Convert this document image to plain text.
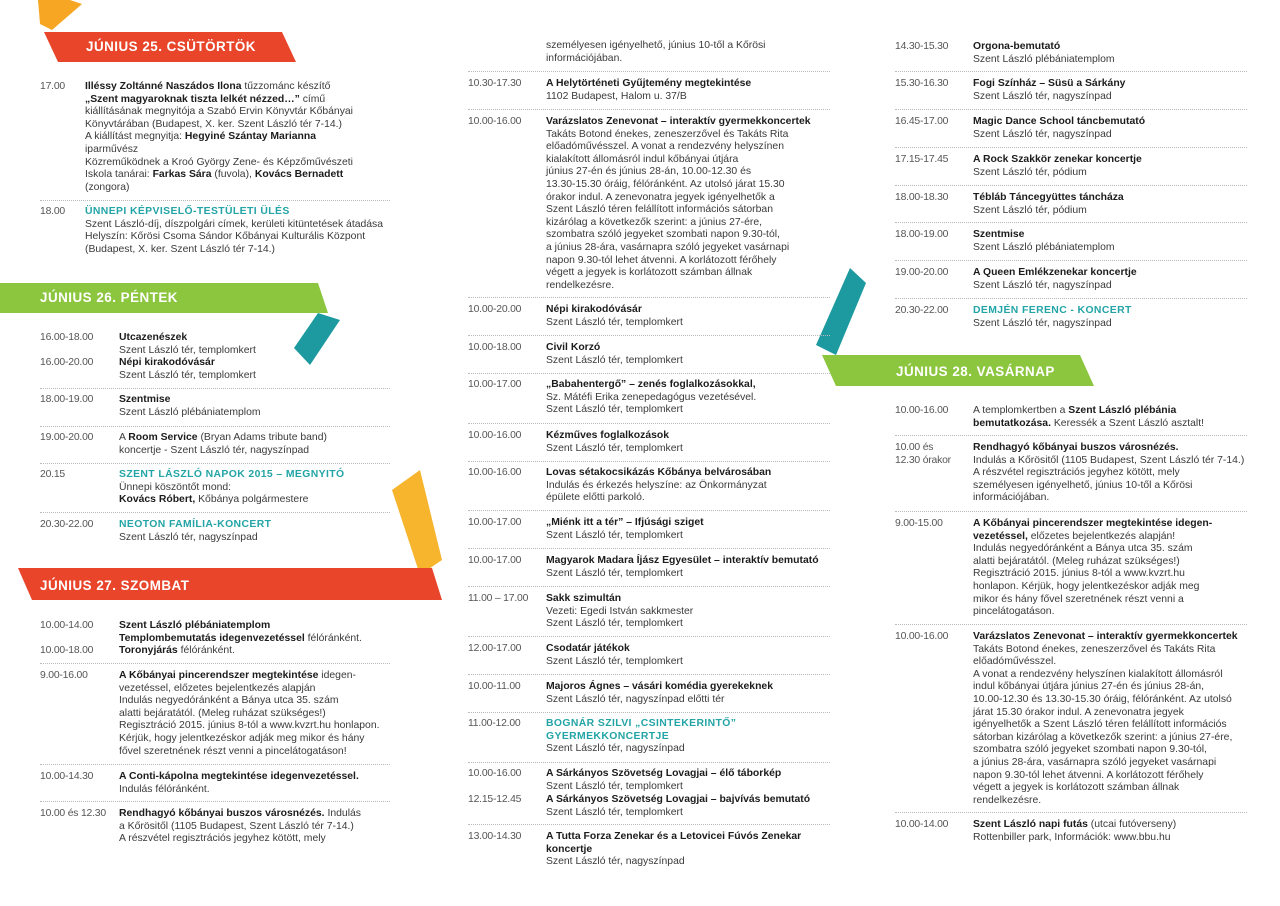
JÚNIUS 25. CSÜTÖRTÖK
JÚNIUS 26. PÉNTEK
JÚNIUS 27. SZOMBAT
JÚNIUS 28. VASÁRNAP
17.00 Illéssy Zoltánné Naszádos Ilona tűzzománc készítő
„Szent magyaroknak tiszta lelkét nézzed…” című
kiállításának megnyitója a Szabó Ervin Könyvtár Kőbányai
Könyvtárában (Budapest, X. ker. Szent László tér 7-14.)
A kiállítást megnyitja: Hegyiné Szántay Marianna
iparművész
Közreműködnek a Kroó György Zene- és Képzőművészeti
Iskola tanárai: Farkas Sára (fuvola), Kovács Bernadett
(zongora)
18.00 ÜNNEPI KÉPVISELŐ-TESTÜLETI ÜLÉS
Szent László-díj, díszpolgári címek, kerületi kitüntetések átadása
Helyszín: Kőrösi Csoma Sándor Kőbányai Kulturális Központ
(Budapest, X. ker. Szent László tér 7-14.)
16.00-18.00 Utcazenészek
Szent László tér, templomkert
16.00-20.00 Népi kirakodóvásár
Szent László tér, templomkert
18.00-19.00 Szentmise
Szent László plébániatemplom
19.00-20.00 A Room Service (Bryan Adams tribute band)
koncertje - Szent László tér, nagyszínpad
20.15	SZENT LÁSZLÓ NAPOK 2015 – MEGNYITÓ
Ünnepi köszöntőt mond:
Kovács Róbert, Kőbánya polgármestere
20.30-22.00 NEOTON FAMÍLIA-KONCERT
Szent László tér, nagyszínpad
10.00-14.00 Szent László plébániatemplom
Templombemutatás idegenvezetéssel félóránként.
10.00-18.00 Toronyjárás félóránként.
9.00-16.00	A Kőbányai pincerendszer megtekintése idegen-
vezetéssel, előzetes bejelentkezés alapján
Indulás negyedóránként a Bánya utca 35. szám
alatti bejáratától. (Meleg ruházat szükséges!)
Regisztráció 2015. június 8-tól a www.kvzrt.hu honlapon.
Kérjük, hogy jelentkezéskor adják meg mikor és hány
fővel szeretnének részt venni a pincelátogatáson!
10.00-14.30 A Conti-kápolna megtekintése idegenvezetéssel.
Indulás félóránként.
10.00 és 12.30 Rendhagyó kőbányai buszos városnézés. Indulás
a Kőrösitől (1105 Budapest, Szent László tér 7-14.)
A részvétel regisztrációs jegyhez kötött, mely
személyesen igényelhető, június 10-től a Kőrösi
információjában.
10.30-17.30 A Helytörténeti Gyűjtemény megtekintése
1102 Budapest, Halom u. 37/B
10.00-16.00 Varázslatos Zenevonat – interaktív gyermekkoncertek
Takáts Botond énekes, zeneszerzővel és Takáts Rita
előadóművésszel. A vonat a rendezvény helyszínen
kialakított állomásról indul kőbányai útjára
június 27-én és június 28-án, 10.00-12.30 és
13.30-15.30 óráig, félóránként. Az utolsó járat 15.30
órakor indul. A zenevonatra jegyek igényelhetők a
Szent László téren felállított információs sátorban
kizárólag a következők szerint: a június 27-ére,
szombatra szóló jegyeket szombati napon 9.30-tól,
a június 28-ára, vasárnapra szóló jegyeket vasárnapi
napon 9.30-tól lehet átvenni. A korlátozott férőhely
végett a jegyek is korlátozott számban állnak
rendelkezésre.
10.00-20.00 Népi kirakodóvásár
Szent László tér, templomkert
10.00-18.00 Civil Korzó
Szent László tér, templomkert
10.00-17.00 „Babahentergő” – zenés foglalkozásokkal,
Sz. Mátéfi Erika zenepedagógus vezetésével.
Szent László tér, templomkert
10.00-16.00 Kézműves foglalkozások
Szent László tér, templomkert
10.00-16.00 Lovas sétakocsikázás Kőbánya belvárosában
Indulás és érkezés helyszíne: az Önkormányzat
épülete előtti parkoló.
10.00-17.00 „Miénk itt a tér” – Ifjúsági sziget
Szent László tér, templomkert
10.00-17.00 Magyarok Madara Íjász Egyesület – interaktív bemutató
Szent László tér, templomkert
11.00 – 17.00 Sakk szimultán
Vezeti: Egedi István sakkmester
Szent László tér, templomkert
12.00-17.00 Csodatár játékok
Szent László tér, templomkert
10.00-11.00 Majoros Ágnes – vásári komédia gyerekeknek
Szent László tér, nagyszínpad előtti tér
11.00-12.00 BOGNÁR SZILVI „CSINTEKERINTŐ”
GYERMEKKONCERTJE
Szent László tér, nagyszínpad
10.00-16.00 A Sárkányos Szövetség Lovagjai – élő táborkép
Szent László tér, templomkert
12.15-12.45 A Sárkányos Szövetség Lovagjai – bajvívás bemutató
Szent László tér, templomkert
13.00-14.30 A Tutta Forza Zenekar és a Letovicei Fúvós Zenekar
koncertje
Szent László tér, nagyszínpad
14.30-15.30 Orgona-bemutató
Szent László plébániatemplom
15.30-16.30 Fogi Színház – Süsü a Sárkány
Szent László tér, nagyszínpad
16.45-17.00 Magic Dance School táncbemutató
Szent László tér, nagyszínpad
17.15-17.45 A Rock Szakkör zenekar koncertje
Szent László tér, pódium
18.00-18.30 Tébláb Táncegyüttes táncháza
Szent László tér, pódium
18.00-19.00 Szentmise
Szent László plébániatemplom
19.00-20.00 A Queen Emlékzenekar koncertje
Szent László tér, nagyszínpad
20.30-22.00 DEMJÉN FERENC - KONCERT
Szent László tér, nagyszínpad
10.00-16.00 A templomkertben a Szent László plébánia
bemutatkozása. Keressék a Szent László asztalt!
10.00 és
12.30 órakor
Rendhagyó kőbányai buszos városnézés.
Indulás a Kőrösitől (1105 Budapest, Szent László tér 7-14.)
A részvétel regisztrációs jegyhez kötött, mely
személyesen igényelhető, június 10-től a Kőrösi
információjában.
9.00-15.00	A Kőbányai pincerendszer megtekintése idegen-
vezetéssel, előzetes bejelentkezés alapján!
Indulás negyedóránként a Bánya utca 35. szám
alatti bejáratától. (Meleg ruházat szükséges!)
Regisztráció 2015. június 8-tól a www.kvzrt.hu
honlapon. Kérjük, hogy jelentkezéskor adják meg
mikor és hány fővel szeretnének részt venni a
pincelátogatáson.
10.00-16.00 Varázslatos Zenevonat – interaktív gyermekkoncertek
Takáts Botond énekes, zeneszerzővel és Takáts Rita
előadóművésszel.
A vonat a rendezvény helyszínen kialakított állomásról
indul kőbányai útjára június 27-én és június 28-án,
10.00-12.30 és 13.30-15.30 óráig, félóránként. Az utolsó
járat 15.30 órakor indul. A zenevonatra jegyek
igényelhetők a Szent László téren felállított információs
sátorban kizárólag a következők szerint: a június 27-ére,
szombatra szóló jegyeket szombati napon 9.30-tól,
a június 28-ára, vasárnapra szóló jegyeket vasárnapi
napon 9.30-tól lehet átvenni. A korlátozott férőhely
végett a jegyek is korlátozott számban állnak
rendelkezésre.
10.00-14.00 Szent László napi futás (utcai futóverseny)
Rottenbiller park, Információk: www.bbu.hu
